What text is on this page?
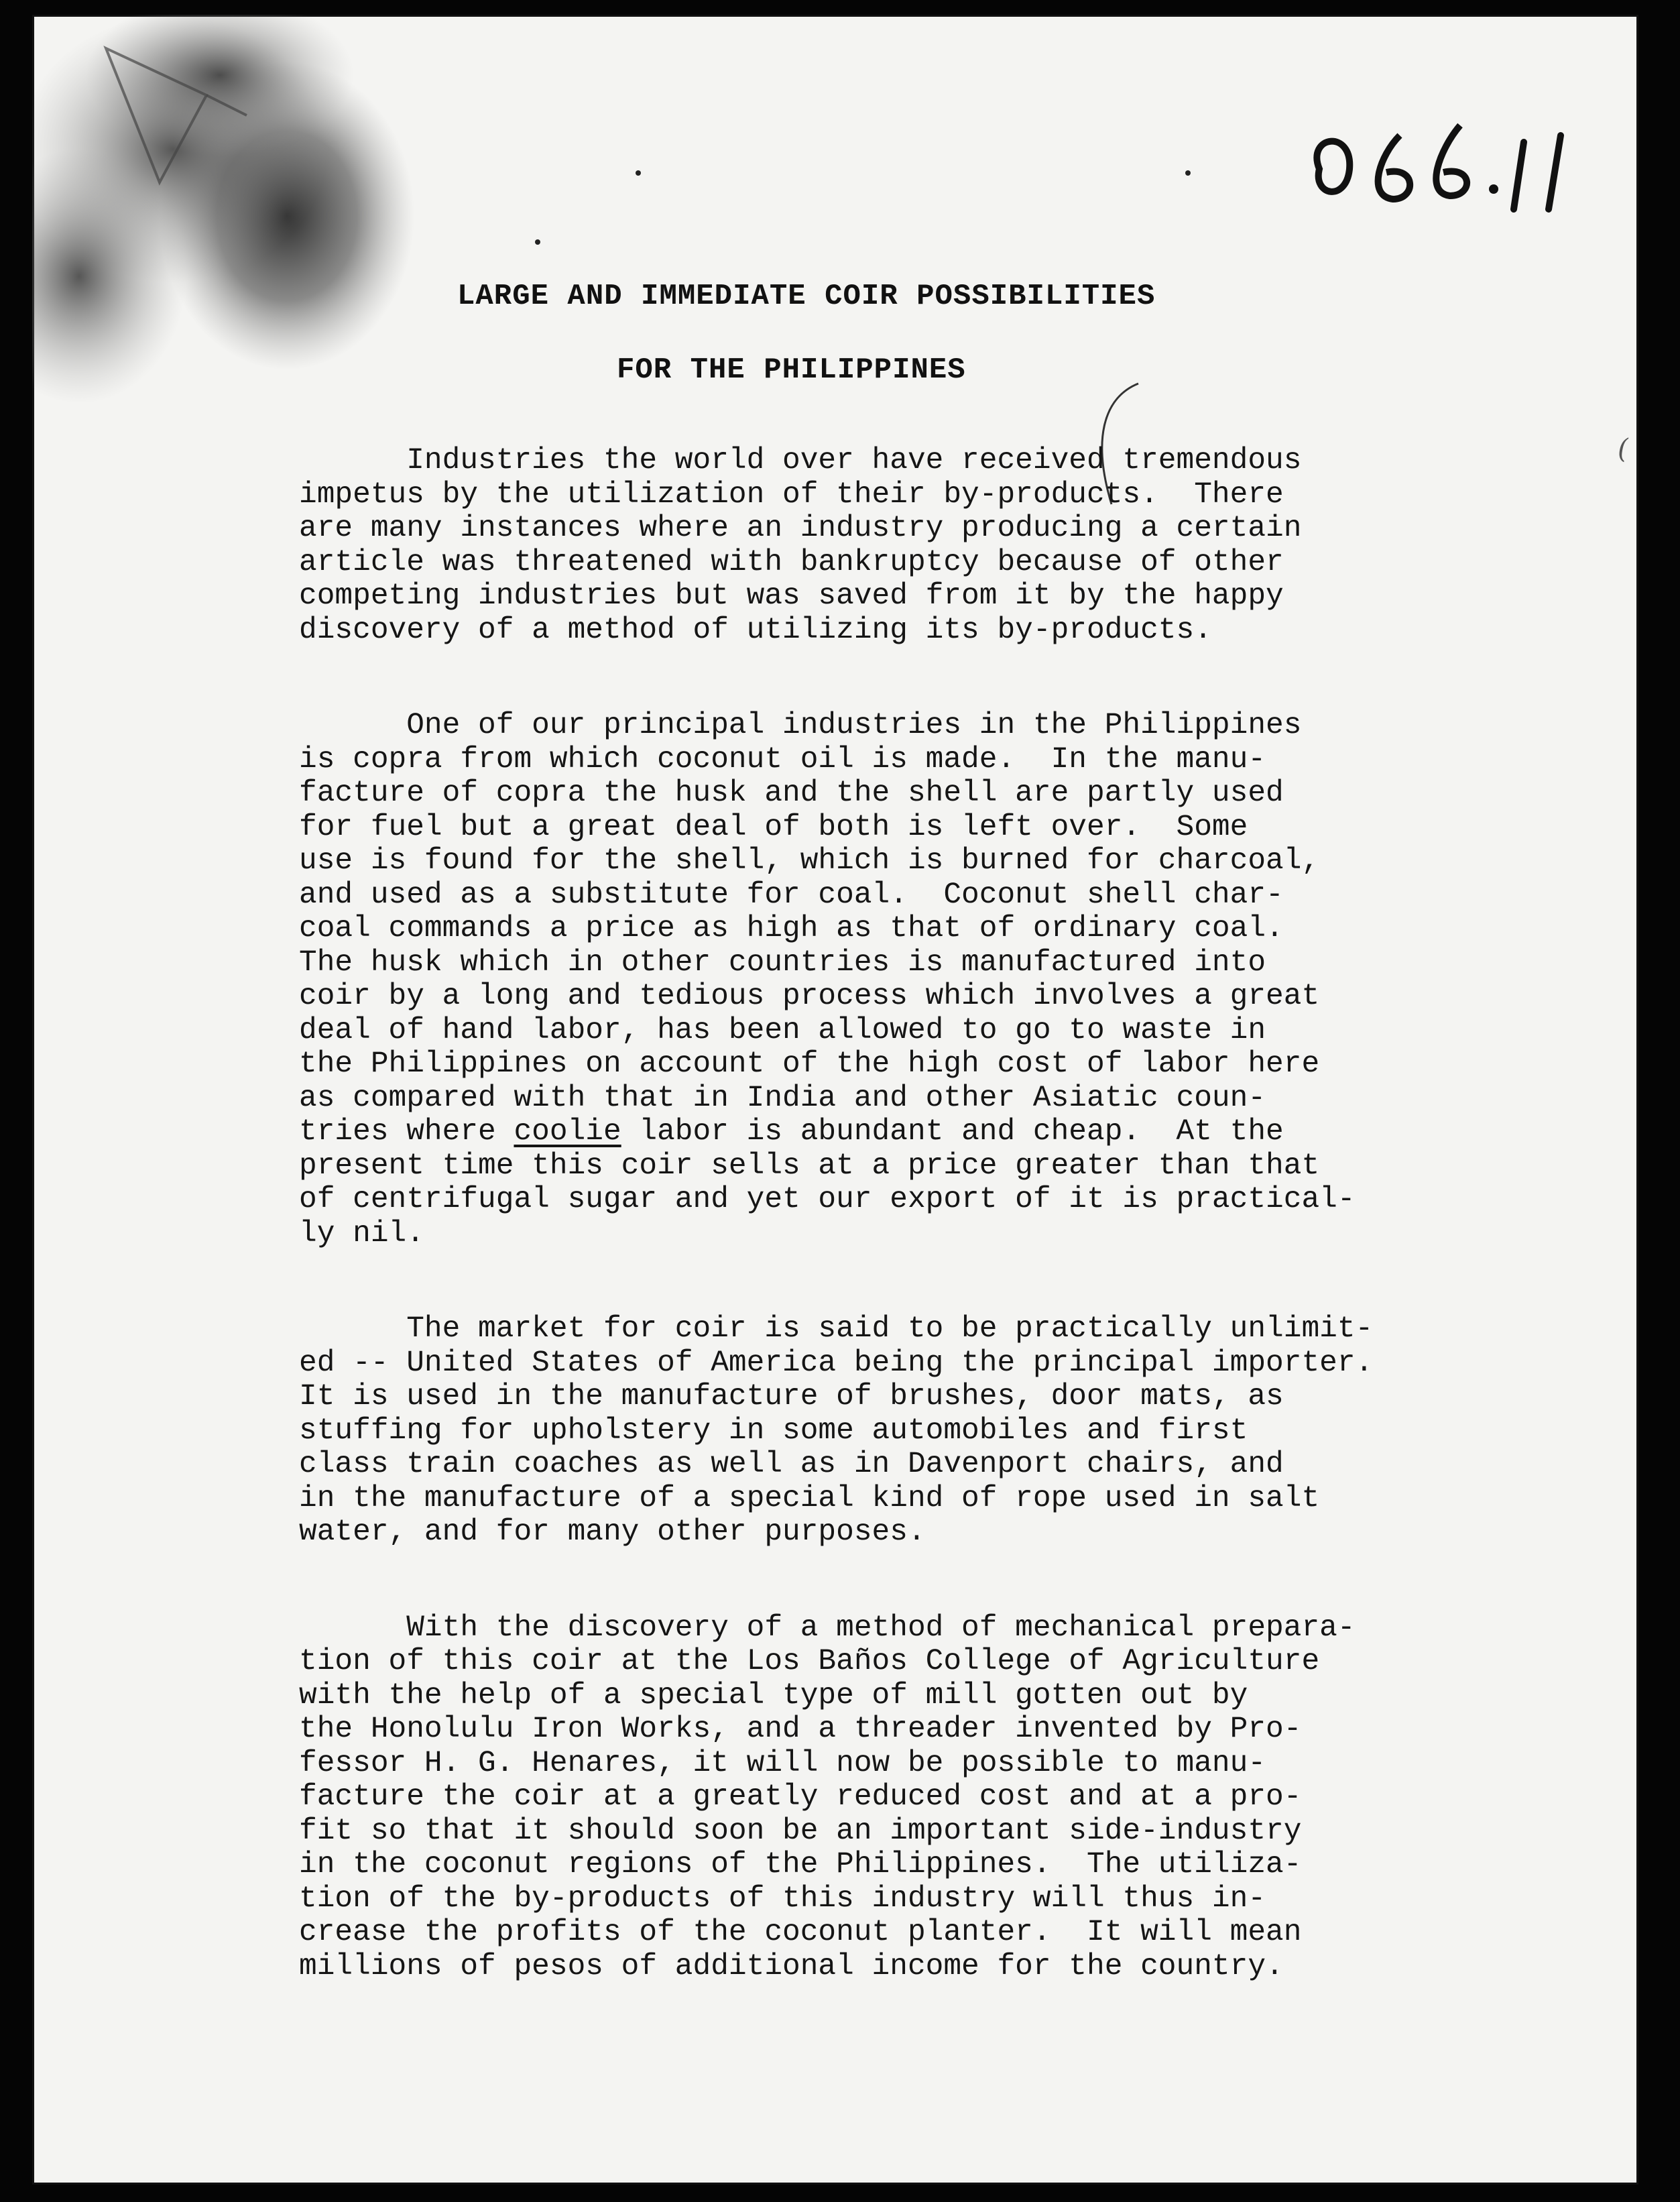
(
LARGE AND IMMEDIATE COIR POSSIBILITIES
FOR THE PHILIPPINES
Industries the world over have received tremendous
impetus by the utilization of their by-products.  There
are many instances where an industry producing a certain
article was threatened with bankruptcy because of other
competing industries but was saved from it by the happy
discovery of a method of utilizing its by-products.
One of our principal industries in the Philippines
is copra from which coconut oil is made.  In the manu-
facture of copra the husk and the shell are partly used
for fuel but a great deal of both is left over.  Some
use is found for the shell, which is burned for charcoal,
and used as a substitute for coal.  Coconut shell char-
coal commands a price as high as that of ordinary coal.
The husk which in other countries is manufactured into
coir by a long and tedious process which involves a great
deal of hand labor, has been allowed to go to waste in
the Philippines on account of the high cost of labor here
as compared with that in India and other Asiatic coun-
tries where coolie labor is abundant and cheap.  At the
present time this coir sells at a price greater than that
of centrifugal sugar and yet our export of it is practical-
ly nil.
The market for coir is said to be practically unlimit-
ed -- United States of America being the principal importer.
It is used in the manufacture of brushes, door mats, as
stuffing for upholstery in some automobiles and first
class train coaches as well as in Davenport chairs, and
in the manufacture of a special kind of rope used in salt
water, and for many other purposes.
With the discovery of a method of mechanical prepara-
tion of this coir at the Los Baños College of Agriculture
with the help of a special type of mill gotten out by
the Honolulu Iron Works, and a threader invented by Pro-
fessor H. G. Henares, it will now be possible to manu-
facture the coir at a greatly reduced cost and at a pro-
fit so that it should soon be an important side-industry
in the coconut regions of the Philippines.  The utiliza-
tion of the by-products of this industry will thus in-
crease the profits of the coconut planter.  It will mean
millions of pesos of additional income for the country.
